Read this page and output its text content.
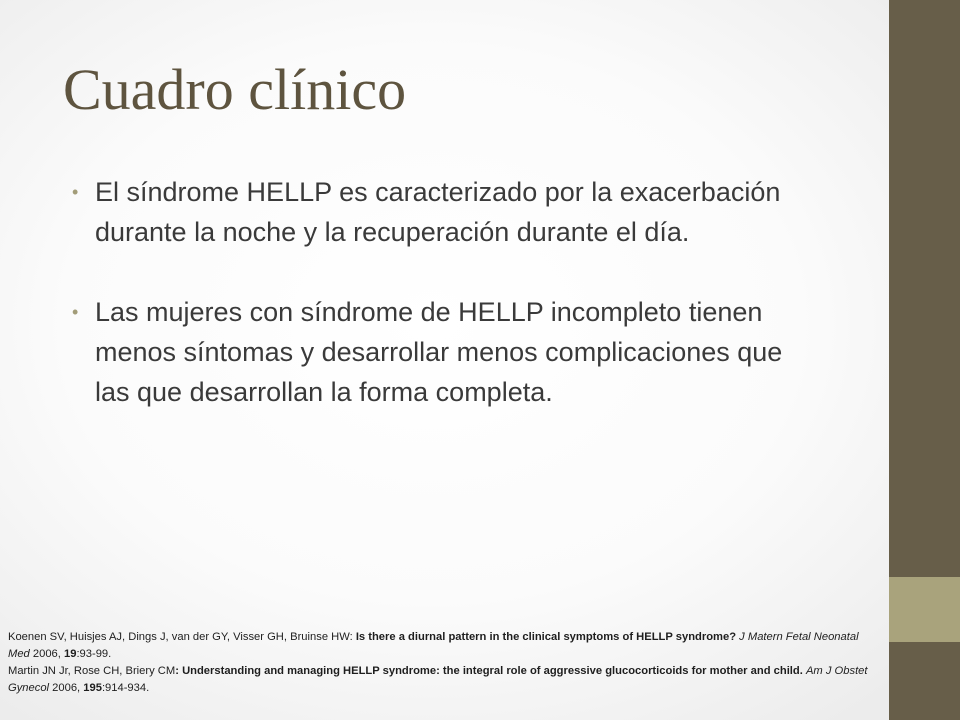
Cuadro clínico
• El síndrome HELLP es caracterizado por la exacerbación durante la noche y la recuperación durante el día.
• Las mujeres con síndrome de HELLP incompleto tienen menos síntomas y desarrollar menos complicaciones que las que desarrollan la forma completa.

Koenen SV, Huisjes AJ, Dings J, van der GY, Visser GH, Bruinse HW: Is there a diurnal pattern in the clinical symptoms of HELLP syndrome? J Matern Fetal Neonatal Med 2006, 19:93-99.

Martin JN Jr, Rose CH, Briery CM: Understanding and managing HELLP syndrome: the integral role of aggressive glucocorticoids for mother and child. Am J Obstet Gynecol 2006, 195:914-934.
